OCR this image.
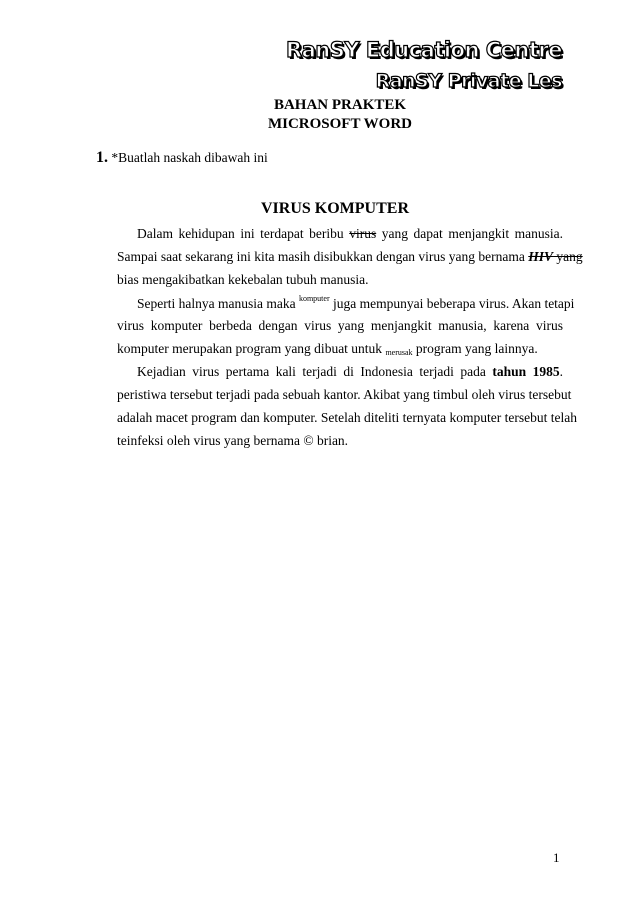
RanSY Education Centre
RanSY Private Les
BAHAN PRAKTEK
MICROSOFT WORD
1. *Buatlah naskah dibawah ini
VIRUS KOMPUTER
Dalam kehidupan ini terdapat beribu virus yang dapat menjangkit manusia.
Sampai saat sekarang ini kita masih disibukkan dengan virus yang bernama HIV yang
bias mengakibatkan kekebalan tubuh manusia.
Seperti halnya manusia maka $^{komputer}$ juga mempunyai beberapa virus. Akan tetapi
virus komputer berbeda dengan virus yang menjangkit manusia, karena virus
komputer merupakan program yang dibuat untuk $_{merusak}$ program yang lainnya.
Kejadian virus pertama kali terjadi di Indonesia terjadi pada tahun 1985.
peristiwa tersebut terjadi pada sebuah kantor. Akibat yang timbul oleh virus tersebut
adalah macet program dan komputer. Setelah diteliti ternyata komputer tersebut telah
teinfeksi oleh virus yang bernama © brian.
1
